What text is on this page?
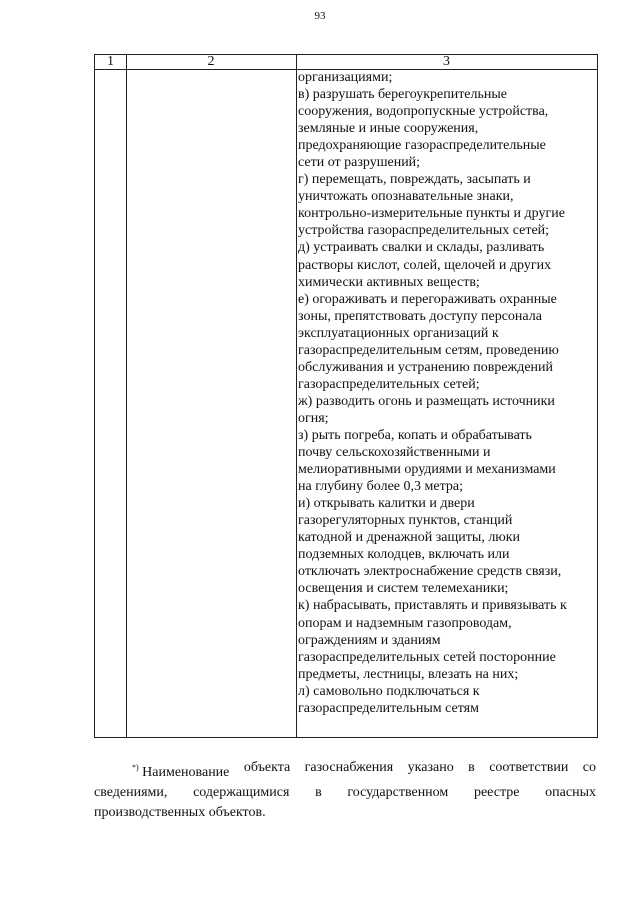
93
1	2	3
организациями;
в) разрушать берегоукрепительные
сооружения, водопропускные устройства,
земляные и иные сооружения,
предохраняющие газораспределительные
сети от разрушений;
г) перемещать, повреждать, засыпать и
уничтожать опознавательные знаки,
контрольно-измерительные пункты и другие
устройства газораспределительных сетей;
д) устраивать свалки и склады, разливать
растворы кислот, солей, щелочей и других
химически активных веществ;
е) огораживать и перегораживать охранные
зоны, препятствовать доступу персонала
эксплуатационных организаций к
газораспределительным сетям, проведению
обслуживания и устранению повреждений
газораспределительных сетей;
ж) разводить огонь и размещать источники
огня;
з) рыть погреба, копать и обрабатывать
почву сельскохозяйственными и
мелиоративными орудиями и механизмами
на глубину более 0,3 метра;
и) открывать калитки и двери
газорегуляторных пунктов, станций
катодной и дренажной защиты, люки
подземных колодцев, включать или
отключать электроснабжение средств связи,
освещения и систем телемеханики;
к) набрасывать, приставлять и привязывать к
опорам и надземным газопроводам,
ограждениям и зданиям
газораспределительных сетей посторонние
предметы, лестницы, влезать на них;
л) самовольно подключаться к
газораспределительным сетям
*) Наименование объекта газоснабжения указано в соответствии со
сведениями, содержащимися в государственном реестре опасных
производственных объектов.
